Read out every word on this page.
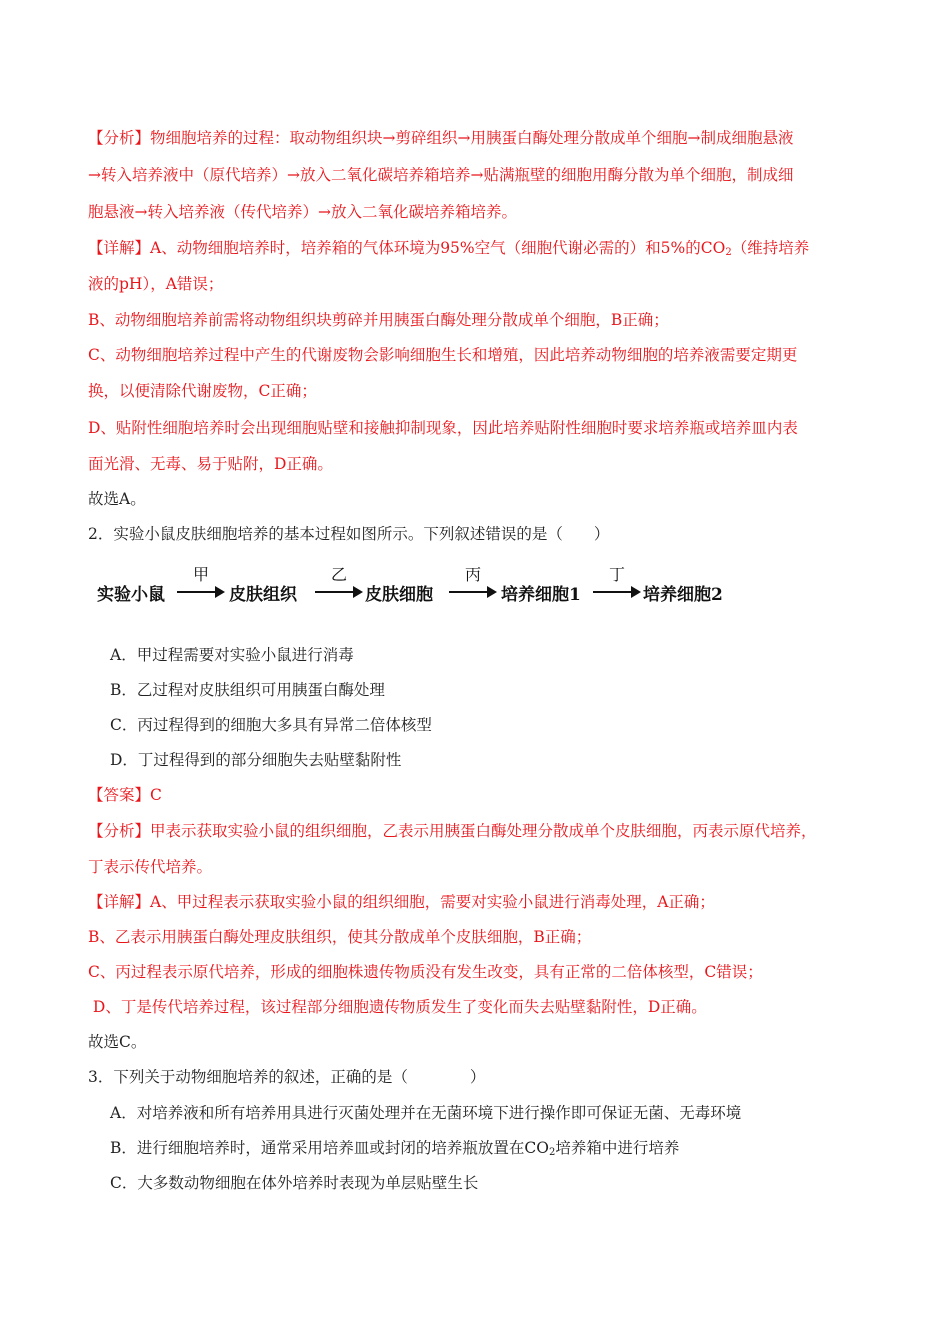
【分析】物细胞培养的过程：取动物组织块→剪碎组织→用胰蛋白酶处理分散成单个细胞→制成细胞悬液
→转入培养液中（原代培养）→放入二氧化碳培养箱培养→贴满瓶壁的细胞用酶分散为单个细胞，制成细
胞悬液→转入培养液（传代培养）→放入二氧化碳培养箱培养。
【详解】A、动物细胞培养时，培养箱的气体环境为95%空气（细胞代谢必需的）和5%的$CO_2$（维持培养
液的pH），A错误；
B、动物细胞培养前需将动物组织块剪碎并用胰蛋白酶处理分散成单个细胞，B正确；
C、动物细胞培养过程中产生的代谢废物会影响细胞生长和增殖，因此培养动物细胞的培养液需要定期更
换，以便清除代谢废物，C正确；
D、贴附性细胞培养时会出现细胞贴壁和接触抑制现象，因此培养贴附性细胞时要求培养瓶或培养皿内表
面光滑、无毒、易于贴附，D正确。
故选A。
2．实验小鼠皮肤细胞培养的基本过程如图所示。下列叙述错误的是（　　）
实验小鼠
甲
皮肤组织
乙
皮肤细胞
丙
培养细胞1
丁
培养细胞2
A．甲过程需要对实验小鼠进行消毒
B．乙过程对皮肤组织可用胰蛋白酶处理
C．丙过程得到的细胞大多具有异常二倍体核型
D．丁过程得到的部分细胞失去贴壁黏附性
【答案】C
【分析】甲表示获取实验小鼠的组织细胞，乙表示用胰蛋白酶处理分散成单个皮肤细胞，丙表示原代培养，
丁表示传代培养。
【详解】A、甲过程表示获取实验小鼠的组织细胞，需要对实验小鼠进行消毒处理，A正确；
B、乙表示用胰蛋白酶处理皮肤组织，使其分散成单个皮肤细胞，B正确；
C、丙过程表示原代培养，形成的细胞株遗传物质没有发生改变，具有正常的二倍体核型，C错误；
D、丁是传代培养过程，该过程部分细胞遗传物质发生了变化而失去贴壁黏附性，D正确。
故选C。
3．下列关于动物细胞培养的叙述，正确的是（　　　　）
A．对培养液和所有培养用具进行灭菌处理并在无菌环境下进行操作即可保证无菌、无毒环境
B．进行细胞培养时，通常采用培养皿或封闭的培养瓶放置在$CO_2$培养箱中进行培养
C．大多数动物细胞在体外培养时表现为单层贴壁生长
